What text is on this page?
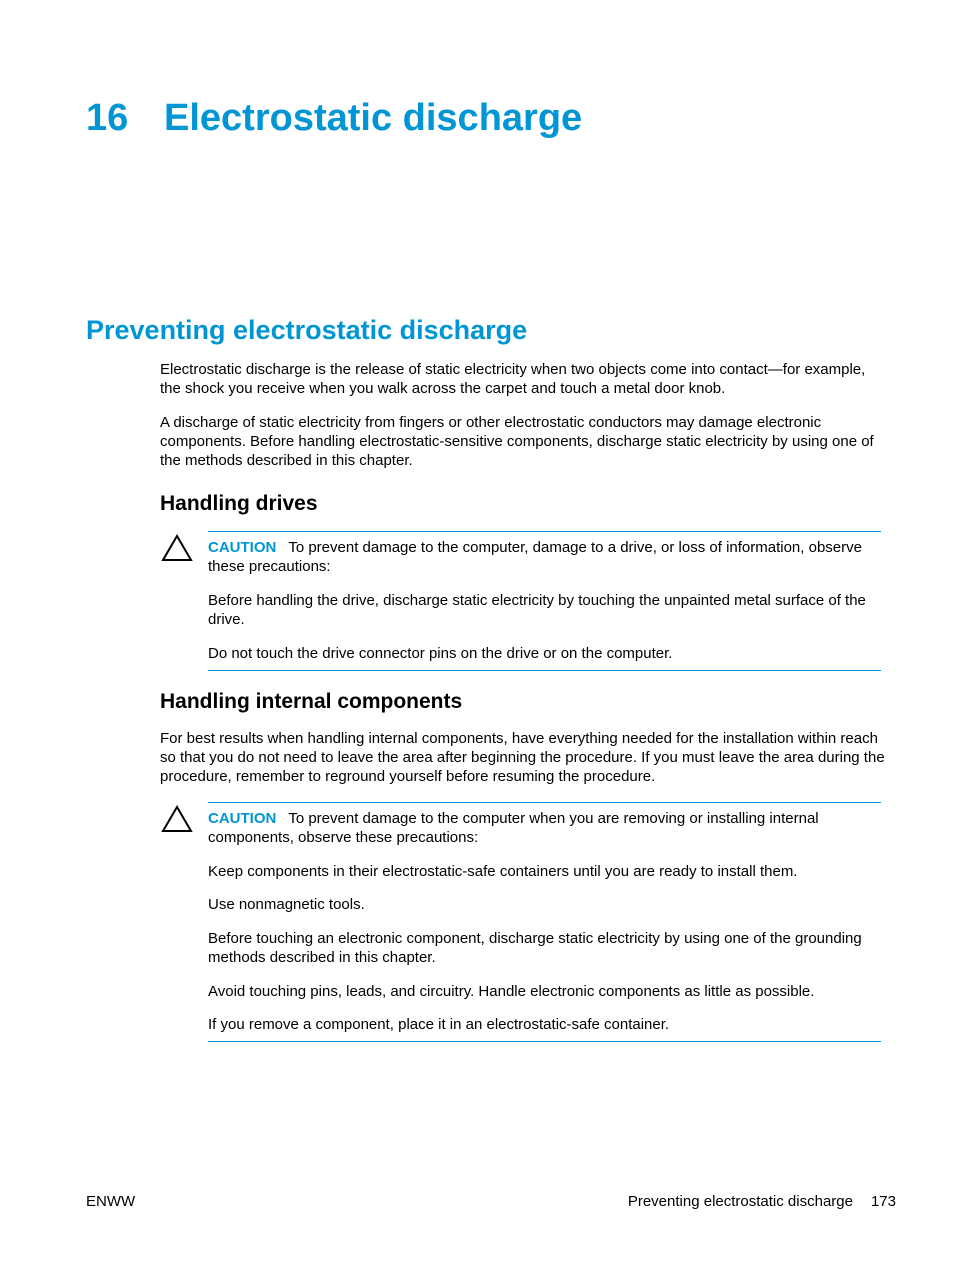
16 Electrostatic discharge
Preventing electrostatic discharge

Electrostatic discharge is the release of static electricity when two objects come into contact—for example, the shock you receive when you walk across the carpet and touch a metal door knob.

A discharge of static electricity from fingers or other electrostatic conductors may damage electronic components. Before handling electrostatic-sensitive components, discharge static electricity by using one of the methods described in this chapter.

Handling drives

CAUTION To prevent damage to the computer, damage to a drive, or loss of information, observe these precautions:

Before handling the drive, discharge static electricity by touching the unpainted metal surface of the drive.

Do not touch the drive connector pins on the drive or on the computer.

Handling internal components

For best results when handling internal components, have everything needed for the installation within reach so that you do not need to leave the area after beginning the procedure. If you must leave the area during the procedure, remember to reground yourself before resuming the procedure.

CAUTION To prevent damage to the computer when you are removing or installing internal components, observe these precautions:

Keep components in their electrostatic-safe containers until you are ready to install them.

Use nonmagnetic tools.

Before touching an electronic component, discharge static electricity by using one of the grounding methods described in this chapter.

Avoid touching pins, leads, and circuitry. Handle electronic components as little as possible.

If you remove a component, place it in an electrostatic-safe container.

ENWW	Preventing electrostatic discharge 173
